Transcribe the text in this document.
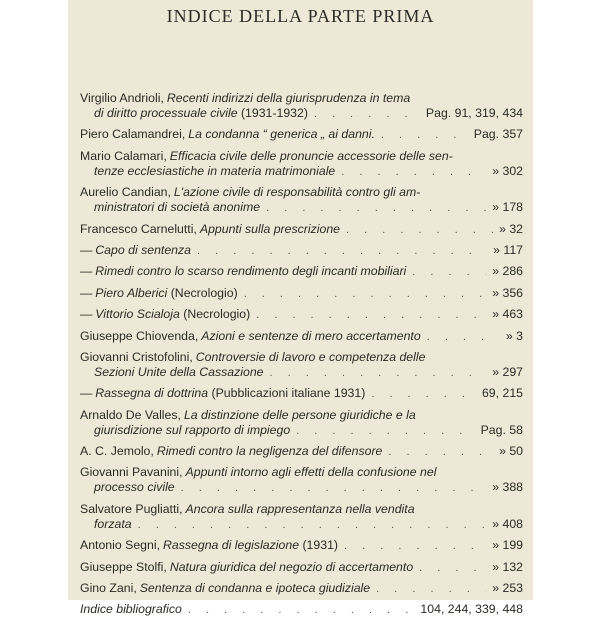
INDICE DELLA PARTE PRIMA
Virgilio Andrioli, Recenti indirizzi della giurisprudenza in tema
di diritto processuale civile (1931-1932) . . .	Pag. 91, 319, 434
Piero Calamandrei, La condanna “ generica „ ai danni. . . .	Pag. 357
Mario Calamari, Efficacia civile delle pronuncie accessorie delle sen-
tenze ecclesiastiche in materia matrimoniale . . .	» 302
Aurelio Candian, L'azione civile di responsabilità contro gli am-
ministratori di società anonime . . .	» 178
Francesco Carnelutti, Appunti sulla prescrizione . . .	» 32
— Capo di sentenza . . .	» 117
— Rimedi contro lo scarso rendimento degli incanti mobiliari . . .	» 286
— Piero Alberici (Necrologio) . . .	» 356
— Vittorio Scialoja (Necrologio) . . .	» 463
Giuseppe Chiovenda, Azioni e sentenze di mero accertamento . . .	» 3
Giovanni Cristofolini, Controversie di lavoro e competenza delle
Sezioni Unite della Cassazione . . .	» 297
— Rassegna di dottrina (Pubblicazioni italiane 1931) . . .	69, 215
Arnaldo De Valles, La distinzione delle persone giuridiche e la
giurisdizione sul rapporto di impiego . . .	Pag. 58
A. C. Jemolo, Rimedi contro la negligenza del difensore . . .	» 50
Giovanni Pavanini, Appunti intorno agli effetti della confusione nel
processo civile . . .	» 388
Salvatore Pugliatti, Ancora sulla rappresentanza nella vendita
forzata . . .	» 408
Antonio Segni, Rassegna di legislazione (1931) . . .	» 199
Giuseppe Stolfi, Natura giuridica del negozio di accertamento . . .	» 132
Gino Zani, Sentenza di condanna e ipoteca giudiziale . . .	» 253
Indice bibliografico . . .	104, 244, 339, 448
